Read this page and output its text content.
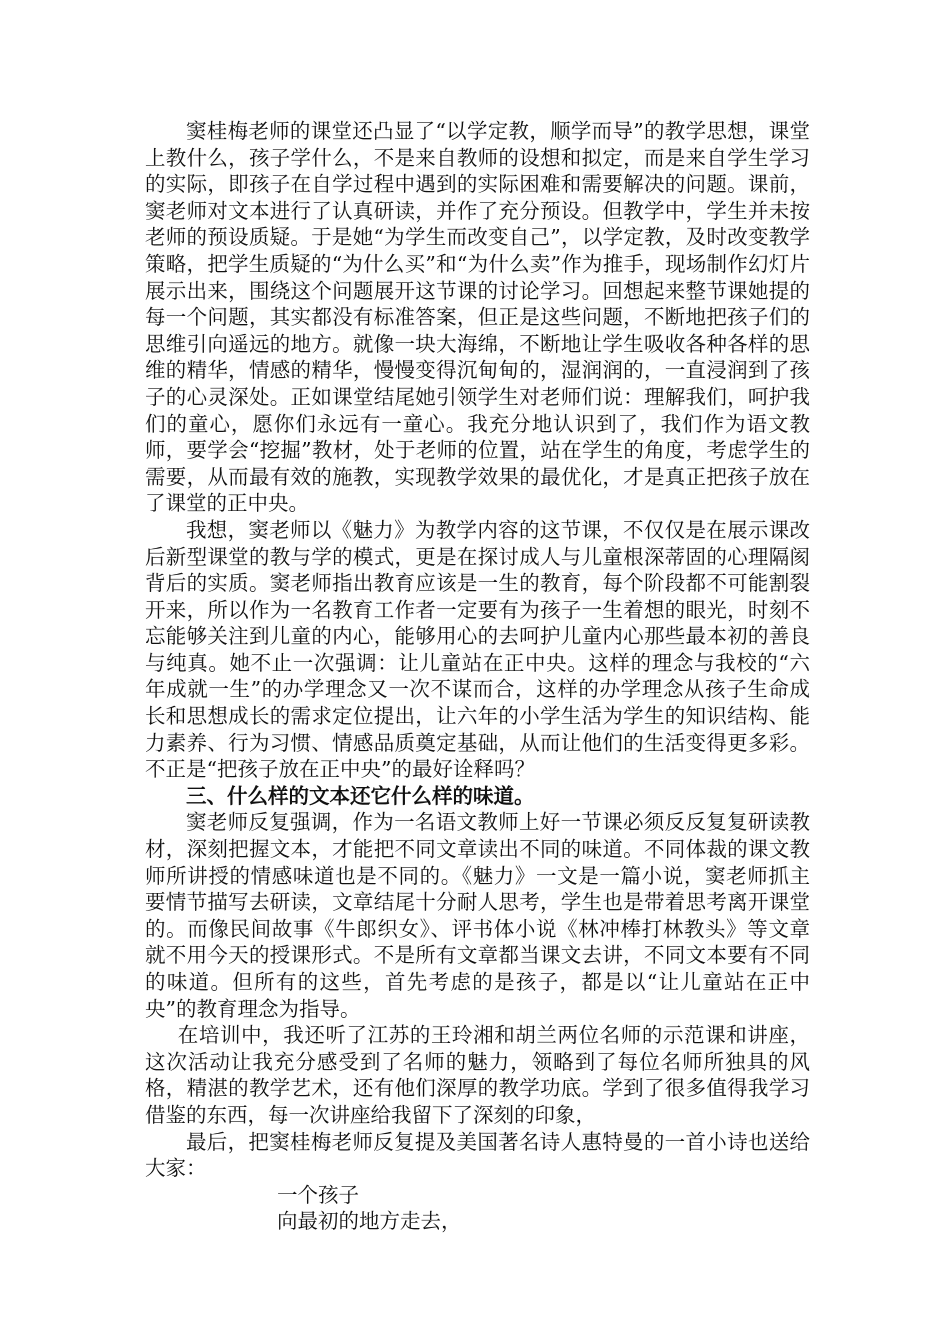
窦桂梅老师的课堂还凸显了“以学定教，顺学而导”的教学思想，课堂上教什么，孩子学什么，不是来自教师的设想和拟定，而是来自学生学习的实际，即孩子在自学过程中遇到的实际困难和需要解决的问题。课前，窦老师对文本进行了认真研读，并作了充分预设。但教学中，学生并未按老师的预设质疑。于是她“为学生而改变自己”，以学定教，及时改变教学策略，把学生质疑的“为什么买”和“为什么卖”作为推手，现场制作幻灯片展示出来，围绕这个问题展开这节课的讨论学习。回想起来整节课她提的每一个问题，其实都没有标准答案，但正是这些问题，不断地把孩子们的思维引向遥远的地方。就像一块大海绵，不断地让学生吸收各种各样的思维的精华，情感的精华，慢慢变得沉甸甸的，湿润润的，一直浸润到了孩子的心灵深处。正如课堂结尾她引领学生对老师们说：理解我们，呵护我们的童心，愿你们永远有一童心。我充分地认识到了，我们作为语文教师，要学会“挖掘”教材，处于老师的位置，站在学生的角度，考虑学生的需要，从而最有效的施教，实现教学效果的最优化，才是真正把孩子放在了课堂的正中央。

我想，窦老师以《魅力》为教学内容的这节课，不仅仅是在展示课改后新型课堂的教与学的模式，更是在探讨成人与儿童根深蒂固的心理隔阂背后的实质。窦老师指出教育应该是一生的教育，每个阶段都不可能割裂开来，所以作为一名教育工作者一定要有为孩子一生着想的眼光，时刻不忘能够关注到儿童的内心，能够用心的去呵护儿童内心那些最本初的善良与纯真。她不止一次强调：让儿童站在正中央。这样的理念与我校的“六年成就一生”的办学理念又一次不谋而合，这样的办学理念从孩子生命成长和思想成长的需求定位提出，让六年的小学生活为学生的知识结构、能力素养、行为习惯、情感品质奠定基础，从而让他们的生活变得更多彩。不正是“把孩子放在正中央”的最好诠释吗？

三、什么样的文本还它什么样的味道。

窦老师反复强调，作为一名语文教师上好一节课必须反反复复研读教材，深刻把握文本，才能把不同文章读出不同的味道。不同体裁的课文教师所讲授的情感味道也是不同的。《魅力》一文是一篇小说，窦老师抓主要情节描写去研读，文章结尾十分耐人思考，学生也是带着思考离开课堂的。而像民间故事《牛郎织女》、评书体小说《林冲棒打林教头》等文章就不用今天的授课形式。不是所有文章都当课文去讲，不同文本要有不同的味道。但所有的这些，首先考虑的是孩子，都是以“让儿童站在正中央”的教育理念为指导。

在培训中，我还听了江苏的王玲湘和胡兰两位名师的示范课和讲座，这次活动让我充分感受到了名师的魅力，领略到了每位名师所独具的风格，精湛的教学艺术，还有他们深厚的教学功底。学到了很多值得我学习借鉴的东西，每一次讲座给我留下了深刻的印象，

最后，把窦桂梅老师反复提及美国著名诗人惠特曼的一首小诗也送给大家：

一个孩子

向最初的地方走去，
